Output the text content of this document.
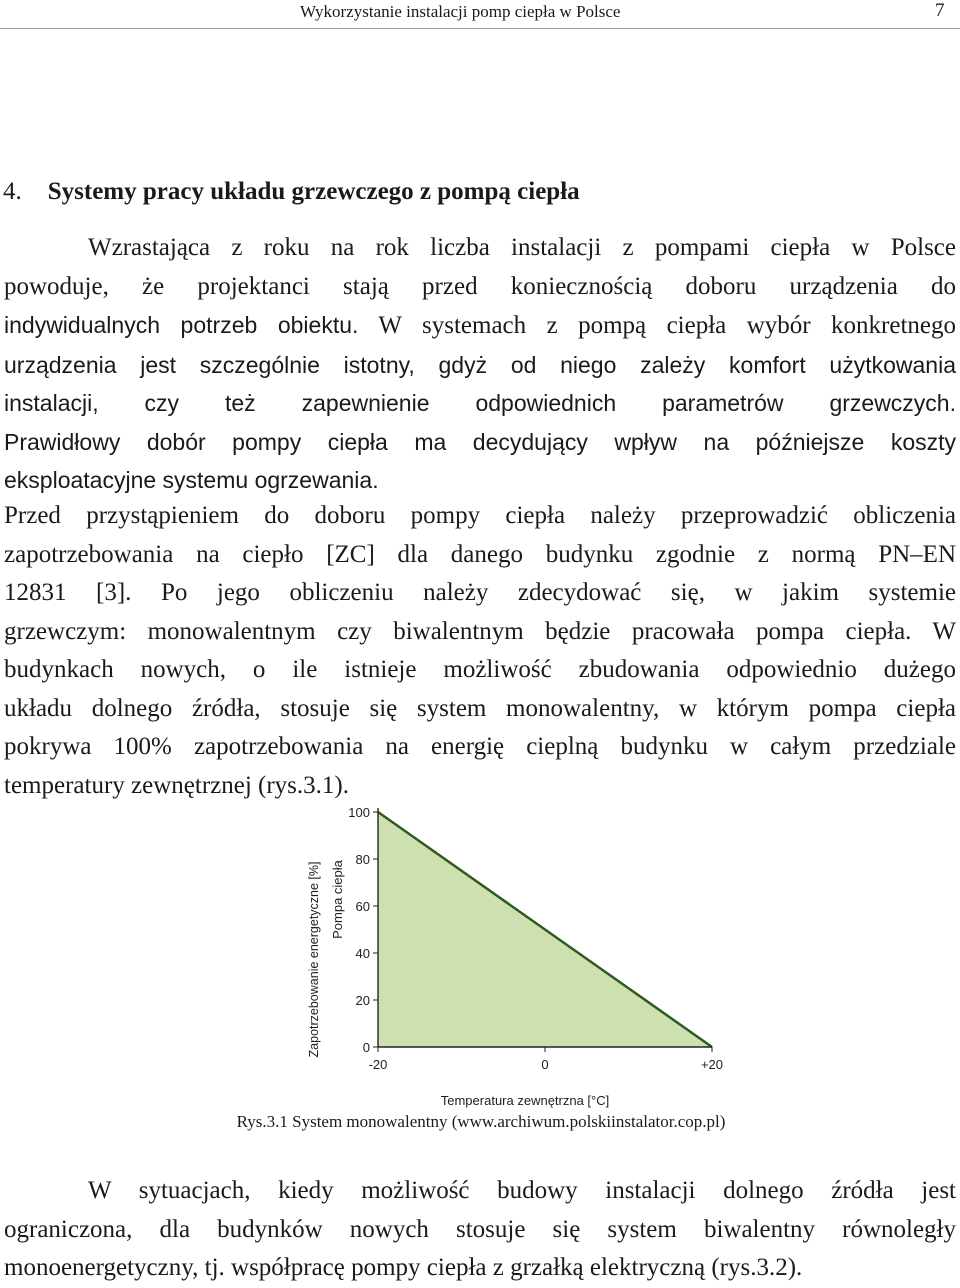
Wykorzystanie instalacji pomp ciepła w Polsce	7
4. Systemy pracy układu grzewczego z pompą ciepła

Wzrastająca z roku na rok liczba instalacji z pompami ciepła w Polsce

powoduje, że projektanci stają przed koniecznością doboru urządzenia do

indywidualnych potrzeb obiektu. W systemach z pompą ciepła wybór konkretnego

urządzenia jest szczególnie istotny, gdyż od niego zależy komfort użytkowania

instalacji, czy też zapewnienie odpowiednich parametrów grzewczych.

Prawidłowy dobór pompy ciepła ma decydujący wpływ na późniejsze koszty

eksploatacyjne systemu ogrzewania.

Przed przystąpieniem do doboru pompy ciepła należy przeprowadzić obliczenia

zapotrzebowania na ciepło [ZC] dla danego budynku zgodnie z normą PN–EN

12831 [3]. Po jego obliczeniu należy zdecydować się, w jakim systemie

grzewczym: monowalentnym czy biwalentnym będzie pracowała pompa ciepła. W

budynkach nowych, o ile istnieje możliwość zbudowania odpowiednio dużego

układu dolnego źródła, stosuje się system monowalentny, w którym pompa ciepła

pokrywa 100% zapotrzebowania na energię cieplną budynku w całym przedziale

temperatury zewnętrznej (rys.3.1).

0
20
40
60
80
100
-20	0	+20
Temperatura zewnętrzna [°C]
Zapotrzebowanie energetyczne [%] Pompa ciepła
Rys.3.1 System monowalentny (www.archiwum.polskiinstalator.cop.pl)

W sytuacjach, kiedy możliwość budowy instalacji dolnego źródła jest

ograniczona, dla budynków nowych stosuje się system biwalentny równoległy

monoenergetyczny, tj. współpracę pompy ciepła z grzałką elektryczną (rys.3.2).
